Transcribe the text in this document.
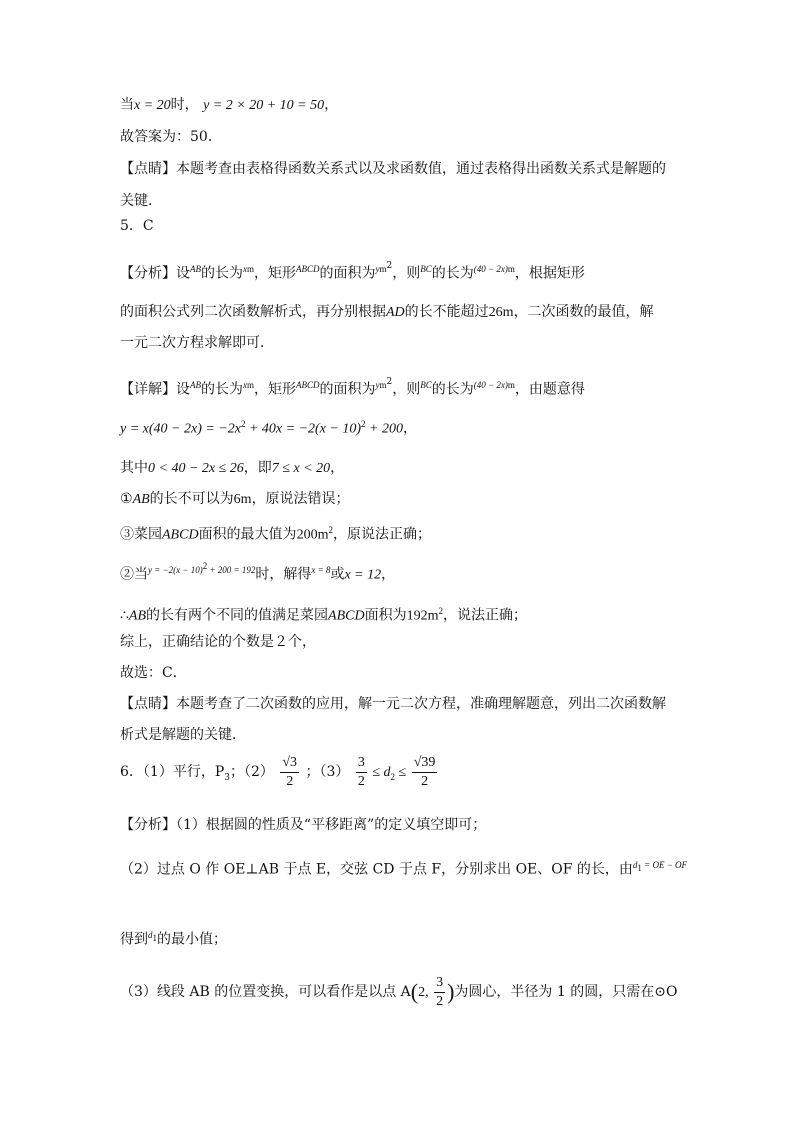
当x = 20时， y = 2 × 20 + 10 = 50，
故答案为：50．
【点睛】本题考查由表格得函数关系式以及求函数值，通过表格得出函数关系式是解题的
关键．
5．C
【分析】设$^{AB}$的长为$^{xm}$，矩形$^{ABCD}$的面积为$^{ym^2}$，则$^{BC}$的长为$^{(40 - 2x)m}$，根据矩形
的面积公式列二次函数解析式，再分别根据AD的长不能超过26m，二次函数的最值，解
一元二次方程求解即可．
【详解】设$^{AB}$的长为$^{xm}$，矩形$^{ABCD}$的面积为$^{ym^2}$，则$^{BC}$的长为$^{(40 - 2x)m}$，由题意得
$y = x(40 - 2x) = -2x^2 + 40x = -2(x - 10)^2 + 200$，
其中0 < 40 − 2x ≤ 26，即7 ≤ x < 20，
①AB的长不可以为6m，原说法错误；
③菜园ABCD面积的最大值为$200m^2$，原说法正确；
②当$^{y = -2(x - 10)^2 + 200 = 192}$时，解得$^{x = 8}$或x = 12，
∴AB的长有两个不同的值满足菜园ABCD面积为$192m^2$，说法正确；
综上，正确结论的个数是２个，
故选：C．
【点睛】本题考查了二次函数的应用，解一元二次方程，准确理解题意，列出二次函数解
析式是解题的关键．
6．（1）平行，$P_3$；$(2) \frac{√3}{2}$ ；$(3) \frac{3}{2} \le d_2 \le \frac{√39}{2}$
【分析】（1）根据圆的性质及“平移距离”的定义填空即可；
（2）过点 O 作 OE⊥AB 于点 E，交弦 CD 于点 F，分别求出 OE、OF 的长，由$^{d_1 = OE - OF}$
得到$^{d_1}$的最小值；
（3）线段 AB 的位置变换，可以看作是以点 A(2, $\frac{3}{2}$ )为圆心，半径为 1 的圆，只需在⊙O
